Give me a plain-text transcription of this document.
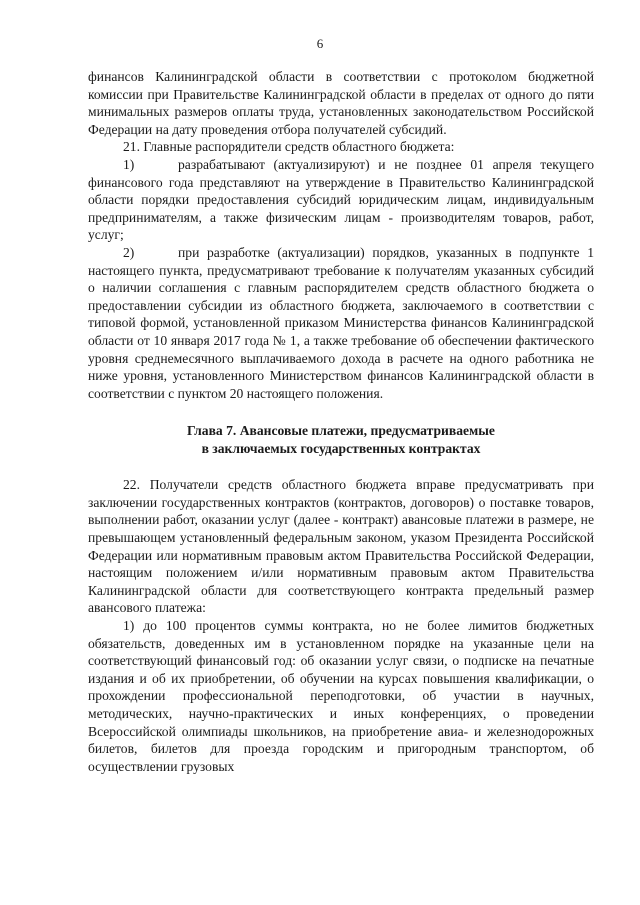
6

финансов Калининградской области в соответствии с протоколом бюджетной комиссии при Правительстве Калининградской области в пределах от одного до пяти минимальных размеров оплаты труда, установленных законодательством Российской Федерации на дату проведения отбора получателей субсидий.

21. Главные распорядители средств областного бюджета:

1)	разрабатывают (актуализируют) и не позднее 01 апреля текущего финансового года представляют на утверждение в Правительство Калининградской области порядки предоставления субсидий юридическим лицам, индивидуальным предпринимателям, а также физическим лицам - производителям товаров, работ, услуг;

2)	при разработке (актуализации) порядков, указанных в подпункте 1 настоящего пункта, предусматривают требование к получателям указанных субсидий о наличии соглашения с главным распорядителем средств областного бюджета о предоставлении субсидии из областного бюджета, заключаемого в соответствии с типовой формой, установленной приказом Министерства финансов Калининградской области от 10 января 2017 года № 1, а также требование об обеспечении фактического уровня среднемесячного выплачиваемого дохода в расчете на одного работника не ниже уровня, установленного Министерством финансов Калининградской области в соответствии с пунктом 20 настоящего положения.

Глава 7. Авансовые платежи, предусматриваемые
в заключаемых государственных контрактах

22. Получатели средств областного бюджета вправе предусматривать при заключении государственных контрактов (контрактов, договоров) о поставке товаров, выполнении работ, оказании услуг (далее - контракт) авансовые платежи в размере, не превышающем установленный федеральным законом, указом Президента Российской Федерации или нормативным правовым актом Правительства Российской Федерации, настоящим положением и/или нормативным правовым актом Правительства Калининградской области для соответствующего контракта предельный размер авансового платежа:

1) до 100 процентов суммы контракта, но не более лимитов бюджетных обязательств, доведенных им в установленном порядке на указанные цели на соответствующий финансовый год: об оказании услуг связи, о подписке на печатные издания и об их приобретении, об обучении на курсах повышения квалификации, о прохождении профессиональной переподготовки, об участии в научных, методических, научно-практических и иных конференциях, о проведении Всероссийской олимпиады школьников, на приобретение авиа- и железнодорожных билетов, билетов для проезда городским и пригородным транспортом, об осуществлении грузовых
